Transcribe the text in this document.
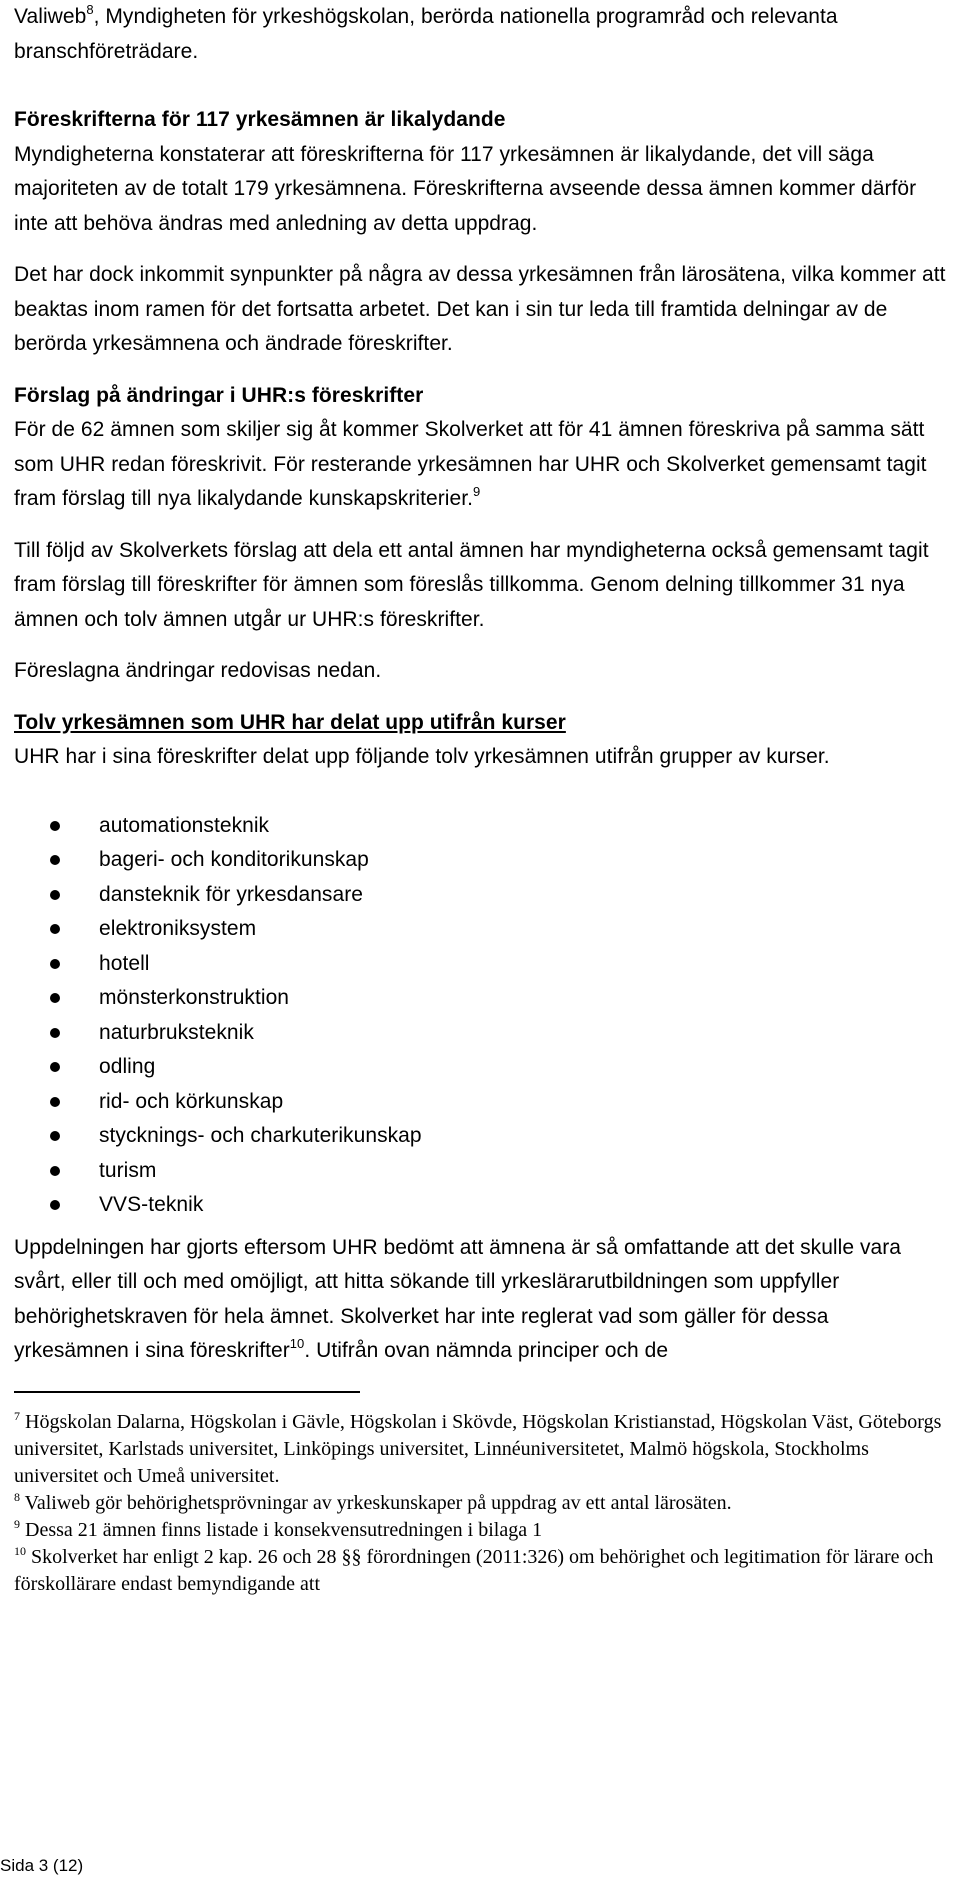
Valiweb$^8$, Myndigheten för yrkeshögskolan, berörda nationella programråd och relevanta branschföreträdare.

Föreskrifterna för 117 yrkesämnen är likalydande

Myndigheterna konstaterar att föreskrifterna för 117 yrkesämnen är likalydande, det vill säga majoriteten av de totalt 179 yrkesämnena. Föreskrifterna avseende dessa ämnen kommer därför inte att behöva ändras med anledning av detta uppdrag.

Det har dock inkommit synpunkter på några av dessa yrkesämnen från lärosätena, vilka kommer att beaktas inom ramen för det fortsatta arbetet. Det kan i sin tur leda till framtida delningar av de berörda yrkesämnena och ändrade föreskrifter.

Förslag på ändringar i UHR:s föreskrifter

För de 62 ämnen som skiljer sig åt kommer Skolverket att för 41 ämnen föreskriva på samma sätt som UHR redan föreskrivit. För resterande yrkesämnen har UHR och Skolverket gemensamt tagit fram förslag till nya likalydande kunskapskriterier.$^9$

Till följd av Skolverkets förslag att dela ett antal ämnen har myndigheterna också gemensamt tagit fram förslag till föreskrifter för ämnen som föreslås tillkomma. Genom delning tillkommer 31 nya ämnen och tolv ämnen utgår ur UHR:s föreskrifter.

Föreslagna ändringar redovisas nedan.

Tolv yrkesämnen som UHR har delat upp utifrån kurser

UHR har i sina föreskrifter delat upp följande tolv yrkesämnen utifrån grupper av kurser.

automationsteknik
bageri- och konditorikunskap
dansteknik för yrkesdansare
elektroniksystem
hotell
mönsterkonstruktion
naturbruksteknik
odling
rid- och körkunskap
stycknings- och charkuterikunskap
turism
VVS-teknik

Uppdelningen har gjorts eftersom UHR bedömt att ämnena är så omfattande att det skulle vara svårt, eller till och med omöjligt, att hitta sökande till yrkeslärarutbildningen som uppfyller behörighetskraven för hela ämnet. Skolverket har inte reglerat vad som gäller för dessa yrkesämnen i sina föreskrifter$^{10}$. Utifrån ovan nämnda principer och de

$^7$ Högskolan Dalarna, Högskolan i Gävle, Högskolan i Skövde, Högskolan Kristianstad, Högskolan Väst, Göteborgs universitet, Karlstads universitet, Linköpings universitet, Linnéuniversitetet, Malmö högskola, Stockholms universitet och Umeå universitet.

$^8$ Valiweb gör behörighetsprövningar av yrkeskunskaper på uppdrag av ett antal lärosäten.

$^9$ Dessa 21 ämnen finns listade i konsekvensutredningen i bilaga 1

$^{10}$ Skolverket har enligt 2 kap. 26 och 28 §§ förordningen (2011:326) om behörighet och legitimation för lärare och förskollärare endast bemyndigande att

Sida 3 (12)
